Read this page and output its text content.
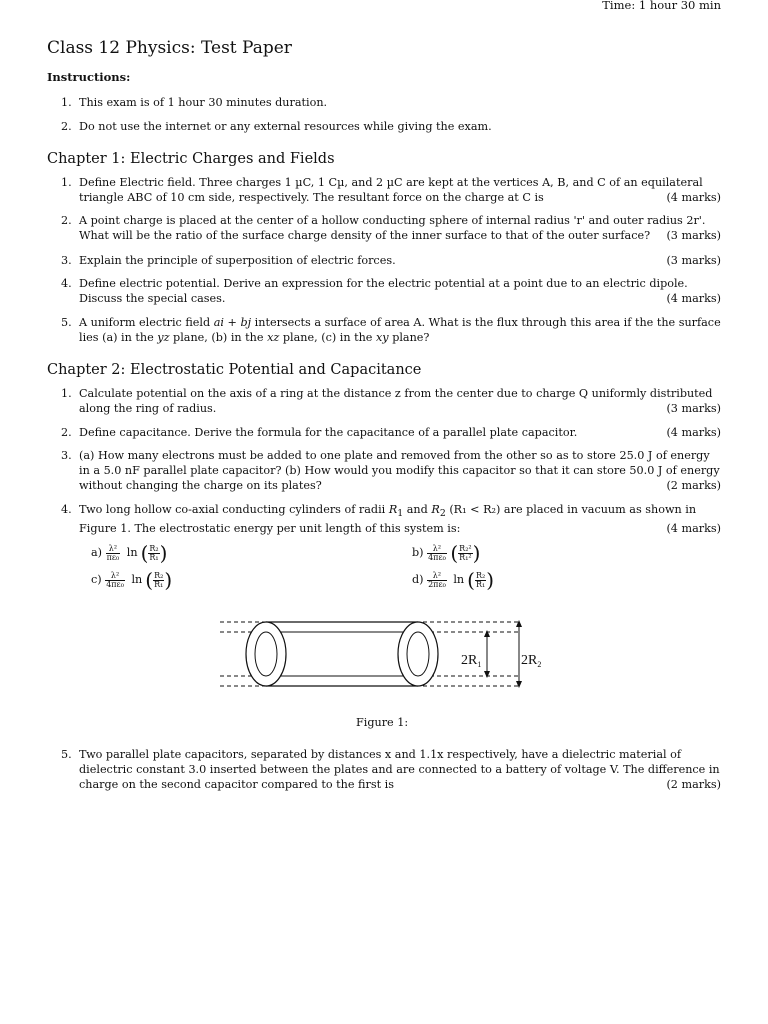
Time: 1 hour 30 min
Class 12 Physics: Test Paper
Instructions:
1. This exam is of 1 hour 30 minutes duration.
2. Do not use the internet or any external resources while giving the exam.
Chapter 1: Electric Charges and Fields
1. Define Electric field. Three charges 1 µC, 1 Cµ, and 2 µC are kept at the vertices A, B, and C of an equilateral triangle ABC of 10 cm side, respectively. The resultant force on the charge at C is	(4 marks)
2. A point charge is placed at the center of a hollow conducting sphere of internal radius 'r' and outer radius 2r'. What will be the ratio of the surface charge density of the inner surface to that of the outer surface? (3 marks)
3. Explain the principle of superposition of electric forces.	(3 marks)
4. Define electric potential. Derive an expression for the electric potential at a point due to an electric dipole. Discuss the special cases.	(4 marks)
5. A uniform electric field ai + bj intersects a surface of area A. What is the flux through this area if the the surface lies (a) in the yz plane, (b) in the xz plane, (c) in the xy plane?
Chapter 2: Electrostatic Potential and Capacitance
1. Calculate potential on the axis of a ring at the distance z from the center due to charge Q uniformly distributed along the ring of radius.	(3 marks)
2. Define capacitance. Derive the formula for the capacitance of a parallel plate capacitor.	(4 marks)
3. (a) How many electrons must be added to one plate and removed from the other so as to store 25.0 J of energy in a 5.0 nF parallel plate capacitor? (b) How would you modify this capacitor so that it can store 50.0 J of energy without changing the charge on its plates?	(2 marks)
4. Two long hollow co-axial conducting cylinders of radii $R_1$ and $R_2$ (R₁ < R₂) are placed in vacuum as shown in Figure 1. The electrostatic energy per unit length of this system is:	(4 marks)
$a) \frac{\text{λ²}}{\text{πε₀}}$ ln ( $\frac{\text{R₂}}{\text{R₁}}$ )	$b) \frac{\text{λ²}}{\text{4πε₀}}$ ( $\frac{\text{R₂²}}{\text{R₁²}}$ )
$c) \frac{\text{λ²}}{\text{4πε₀}}$ ln ( $\frac{\text{R₂}}{\text{R₁}}$ )	$d) \frac{\text{λ²}}{\text{2πε₀}}$ ln ( $\frac{\text{R₂}}{\text{R₁}}$ )
$2R_1$	$2R_2$
Figure 1:
5. Two parallel plate capacitors, separated by distances x and 1.1x respectively, have a dielectric material of dielectric constant 3.0 inserted between the plates and are connected to a battery of voltage V. The difference in charge on the second capacitor compared to the first is	(2 marks)
